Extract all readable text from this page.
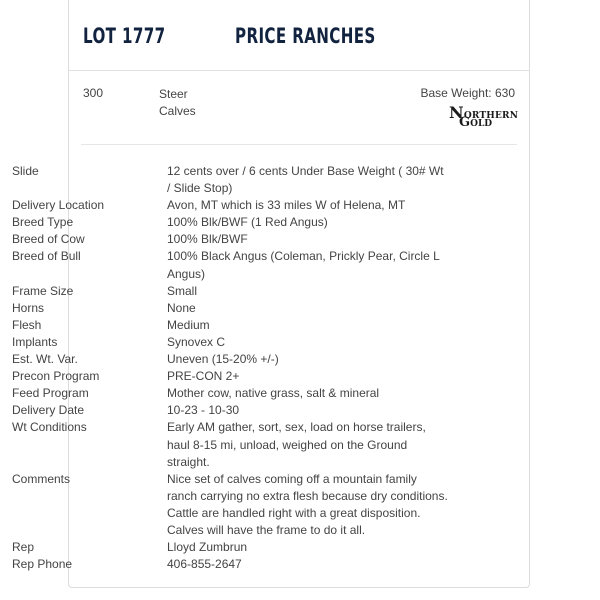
LOT 1777	PRICE RANCHES
300	Steer
Calves
Base Weight: 630
NORTHERN
GOLD
Slide	12 cents over / 6 cents Under Base Weight ( 30# Wt / Slide Stop)
Delivery Location	Avon, MT which is 33 miles W of Helena, MT
Breed Type	100% Blk/BWF (1 Red Angus)
Breed of Cow	100% Blk/BWF
Breed of Bull	100% Black Angus (Coleman, Prickly Pear, Circle L Angus)
Frame Size	Small
Horns	None
Flesh	Medium
Implants	Synovex C
Est. Wt. Var.	Uneven (15-20% +/-)
Precon Program	PRE-CON 2+
Feed Program	Mother cow, native grass, salt & mineral
Delivery Date	10-23 - 10-30
Wt Conditions	Early AM gather, sort, sex, load on horse trailers, haul 8-15 mi, unload, weighed on the Ground straight.
Comments	Nice set of calves coming off a mountain family ranch carrying no extra flesh because dry conditions. Cattle are handled right with a great disposition. Calves will have the frame to do it all.
Rep	Lloyd Zumbrun
Rep Phone	406-855-2647
